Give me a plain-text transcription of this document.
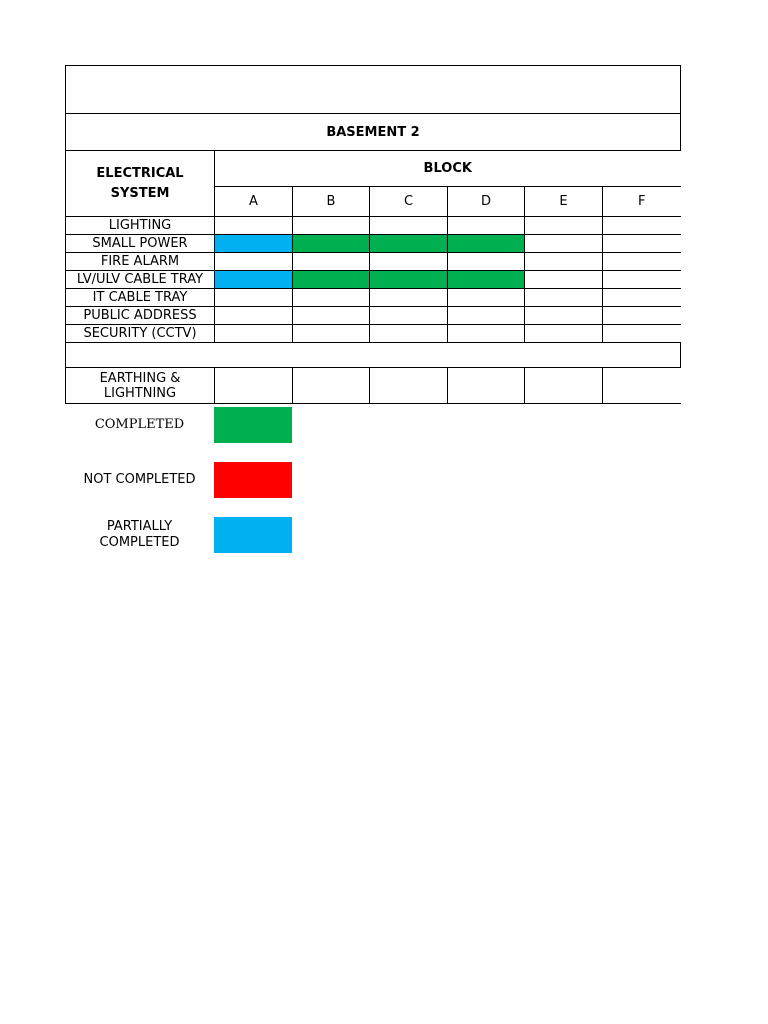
BASEMENT 2						
ELECTRICAL SYSTEM	BLOCK					
	A	B	C	D	E	F
LIGHTING						
SMALL POWER						
FIRE ALARM						
LV/ULV CABLE TRAY						
IT CABLE TRAY						
PUBLIC ADDRESS						
SECURITY (CCTV)						

EARTHING & LIGHTNING						
COMPLETED
NOT COMPLETED
PARTIALLY COMPLETED
